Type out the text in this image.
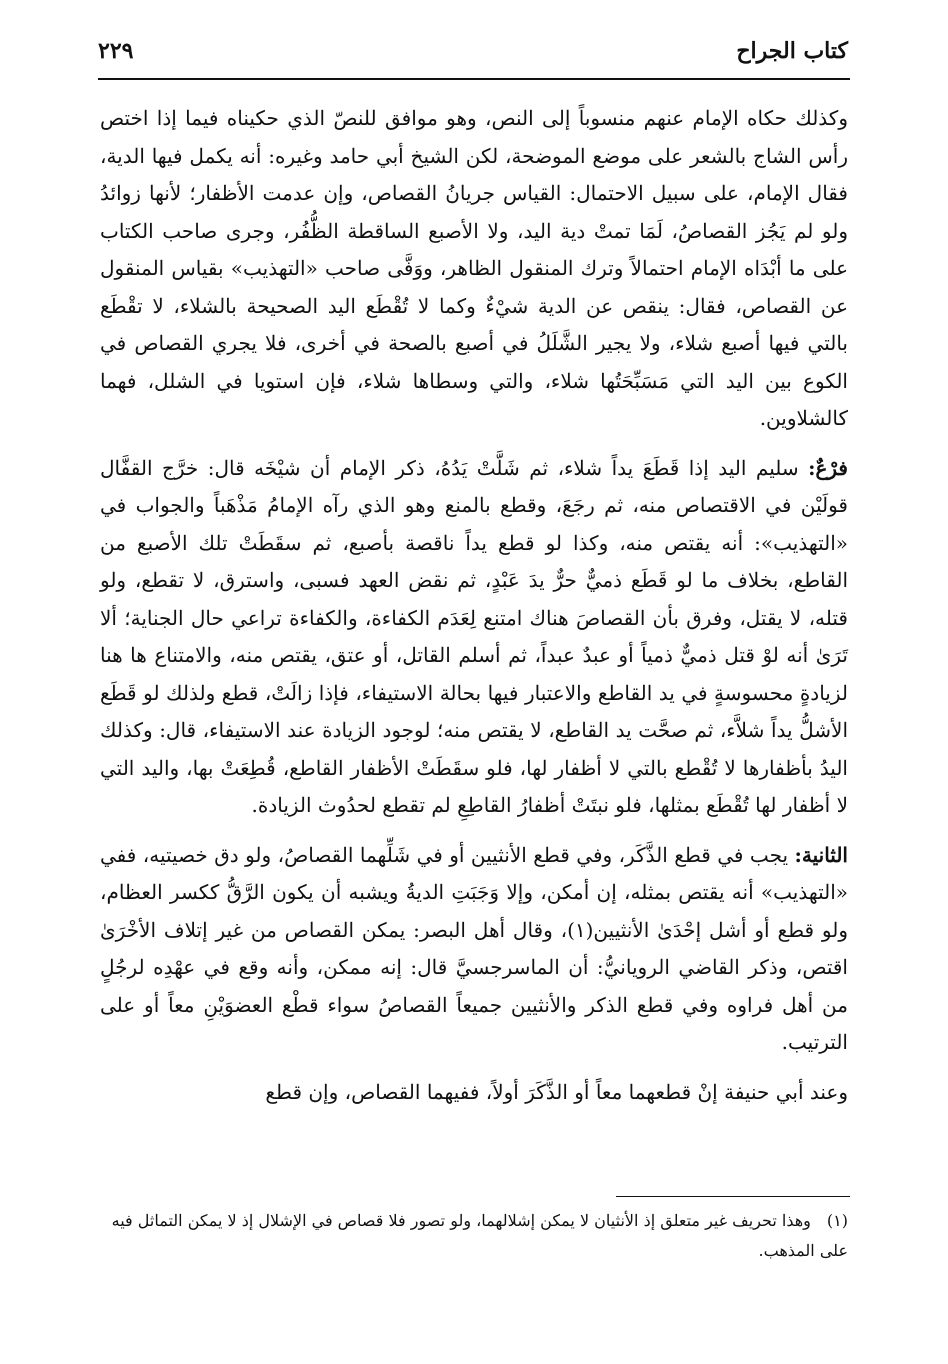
كتاب الجراح
٢٢٩

وكذلك حكاه الإمام عنهم منسوباً إلى النص، وهو موافق للنصّ الذي حكيناه فيما إذا اختص رأس الشاج بالشعر على موضع الموضحة، لكن الشيخ أبي حامد وغيره: أنه يكمل فيها الدية، فقال الإمام، على سبيل الاحتمال: القياس جريانُ القصاص، وإن عدمت الأظفار؛ لأنها زوائدُ ولو لم يَجُز القصاصُ، لَمَا تمتْ دية اليد، ولا الأصبع الساقطة الظُّفُر، وجرى صاحب الكتاب على ما أبْدَاه الإمام احتمالاً وترك المنقول الظاهر، ووَفَّى صاحب «التهذيب» بقياس المنقول عن القصاص، فقال: ينقص عن الدية شيْءٌ وكما لا تُقْطَع اليد الصحيحة بالشلاء، لا تقْطَع بالتي فيها أصبع شلاء، ولا يجير الشَّلَلُ في أصبع بالصحة في أخرى، فلا يجري القصاص في الكوع بين اليد التي مَسَبِّحَتُها شلاء، والتي وسطاها شلاء، فإن استويا في الشلل، فهما كالشلاوين.

فرْعٌ: سليم اليد إذا قَطَعَ يداً شلاء، ثم شَلَّتْ يَدُهُ، ذكر الإمام أن شيْخَه قال: خرَّج القفَّال قولَيْن في الاقتصاص منه، ثم رجَعَ، وقطع بالمنع وهو الذي رآه الإمامُ مَذْهَباً والجواب في «التهذيب»: أنه يقتص منه، وكذا لو قطع يداً ناقصة بأصبع، ثم سقَطَتْ تلك الأصبع من القاطع، بخلاف ما لو قَطَع ذميٌّ حرٌّ يدَ عَبْدٍ، ثم نقض العهد فسبى، واسترق، لا تقطع، ولو قتله، لا يقتل، وفرق بأن القصاصَ هناك امتنع لِعَدَم الكفاءة، والكفاءة تراعي حال الجناية؛ ألا تَرَىٰ أنه لوْ قتل ذميٌّ ذمياً أو عبدٌ عبداً، ثم أسلم القاتل، أو عتق، يقتص منه، والامتناع ها هنا لزيادةٍ محسوسةٍ في يد القاطع والاعتبار فيها بحالة الاستيفاء، فإذا زالَتْ، قطع ولذلك لو قَطَع الأشلُّ يداً شلاَّء، ثم صحَّت يد القاطع، لا يقتص منه؛ لوجود الزيادة عند الاستيفاء، قال: وكذلك اليدُ بأظفارها لا تُقْطع بالتي لا أظفار لها، فلو سقَطَتْ الأظفار القاطع، قُطِعَتْ بها، واليد التي لا أظفار لها تُقْطَع بمثلها، فلو نبتَتْ أظفارُ القاطِعِ لم تقطع لحدُوث الزيادة.

الثانية: يجب في قطع الذَّكَر، وفي قطع الأنثيين أو في شَلِّهما القصاصُ، ولو دق خصيتيه، ففي «التهذيب» أنه يقتص بمثله، إن أمكن، وإلا وَجَبَتِ الديةُ ويشبه أن يكون الرَّقُّ ككسر العظام، ولو قطع أو أشل إحْدَىٰ الأنثيين(١)، وقال أهل البصر: يمكن القصاص من غير إتلاف الأخْرَىٰ اقتص، وذكر القاضي الرويانيُّ: أن الماسرجسيَّ قال: إنه ممكن، وأنه وقع في عهْدِه لرجُلٍ من أهل فراوه وفي قطع الذكر والأنثيين جميعاً القصاصُ سواء قطْع العضوَيْنِ معاً أو على الترتيب.

وعند أبي حنيفة إنْ قطعهما معاً أو الذَّكَرَ أولاً، ففيهما القصاص، وإن قطع

(١)وهذا تحريف غير متعلق إذ الأنثيان لا يمكن إشلالهما، ولو تصور فلا قصاص في الإشلال إذ لا يمكن التماثل فيه على المذهب.
